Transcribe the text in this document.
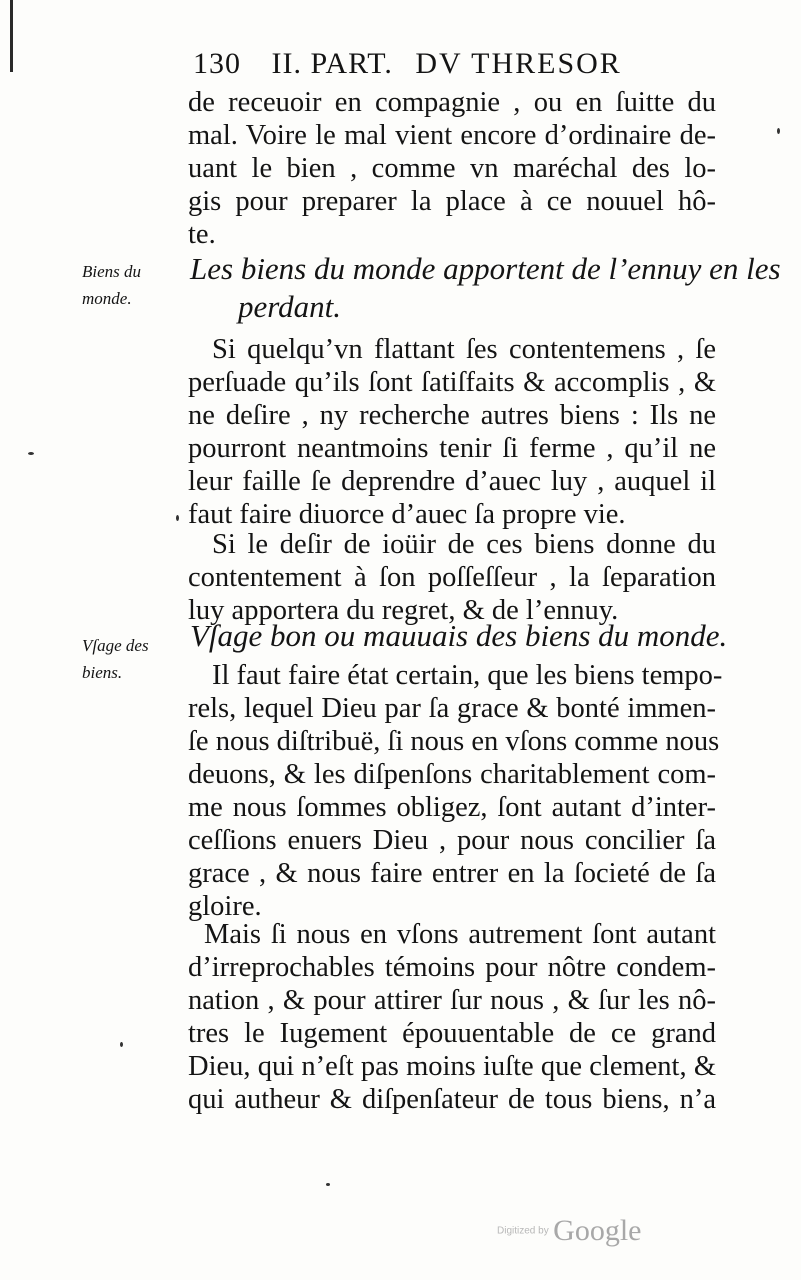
130 II. PART. DV THRESOR
de receuoir en compagnie , ou en ſuitte du
mal. Voire le mal vient encore d’ordinaire de-
uant le bien , comme vn maréchal des lo-
gis pour preparer la place à ce nouuel hô-
te.
Les biens du monde apportent de l’ennuy en les
perdant.
Biens du
monde.
Si quelqu’vn flattant ſes contentemens , ſe
perſuade qu’ils ſont ſatiſfaits & accomplis , &
ne deſire , ny recherche autres biens : Ils ne
pourront neantmoins tenir ſi ferme , qu’il ne
leur faille ſe deprendre d’auec luy , auquel il
faut faire diuorce d’auec ſa propre vie.
Si le deſir de ioüir de ces biens donne du
contentement à ſon poſſeſſeur , la ſeparation
luy apportera du regret, & de l’ennuy.
Vſage bon ou mauuais des biens du monde.
Vſage des
biens.	Il faut faire état certain, que les biens tempo-
rels, lequel Dieu par ſa grace & bonté immen-
ſe nous diſtribuë, ſi nous en vſons comme nous
deuons, & les diſpenſons charitablement com-
me nous ſommes obligez, ſont autant d’inter-
ceſſions enuers Dieu , pour nous concilier ſa
grace , & nous faire entrer en la ſocieté de ſa
gloire.
Mais ſi nous en vſons autrement ſont autant
d’irreprochables témoins pour nôtre condem-
nation , & pour attirer ſur nous , & ſur les nô-
tres le Iugement épouuentable de ce grand
Dieu, qui n’eſt pas moins iuſte que clement, &
qui autheur & diſpenſateur de tous biens, n’a
Digitized by Google
